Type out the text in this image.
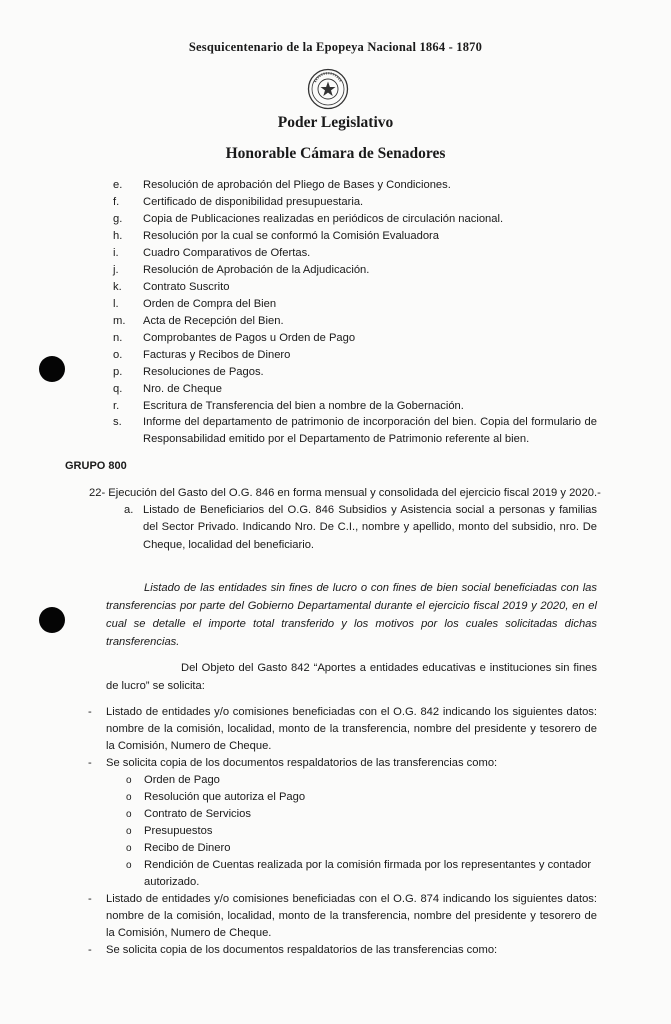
Sesquicentenario de la Epopeya Nacional 1864 - 1870
Poder Legislativo
Honorable Cámara de Senadores
e.	Resolución de aprobación del Pliego de Bases y Condiciones.
f.	Certificado de disponibilidad presupuestaria.
g.	Copia de Publicaciones realizadas en periódicos de circulación nacional.
h.	Resolución por la cual se conformó la Comisión Evaluadora
i.	Cuadro Comparativos de Ofertas.
j.	Resolución de Aprobación de la Adjudicación.
k.	Contrato Suscrito
l.	Orden de Compra del Bien
m.	Acta de Recepción del Bien.
n.	Comprobantes de Pagos u Orden de Pago
o.	Facturas y Recibos de Dinero
p.	Resoluciones de Pagos.
q.	Nro. de Cheque
r.	Escritura de Transferencia del bien a nombre de la Gobernación.
s.	Informe del departamento de patrimonio de incorporación del bien. Copia del formulario de Responsabilidad emitido por el Departamento de Patrimonio referente al bien.
GRUPO 800
22- Ejecución del Gasto del O.G. 846 en forma mensual y consolidada del ejercicio fiscal 2019 y 2020.-
a. Listado de Beneficiarios del O.G. 846 Subsidios y Asistencia social a personas y familias del Sector Privado. Indicando Nro. De C.I., nombre y apellido, monto del subsidio, nro. De Cheque, localidad del beneficiario.
Listado de las entidades sin fines de lucro o con fines de bien social beneficiadas con las transferencias por parte del Gobierno Departamental durante el ejercicio fiscal 2019 y 2020, en el cual se detalle el importe total transferido y los motivos por los cuales solicitadas dichas transferencias.
Del Objeto del Gasto 842 “Aportes a entidades educativas e instituciones sin fines de lucro” se solicita:
- Listado de entidades y/o comisiones beneficiadas con el O.G. 842 indicando los siguientes datos: nombre de la comisión, localidad, monto de la transferencia, nombre del presidente y tesorero de la Comisión, Numero de Cheque.
- Se solicita copia de los documentos respaldatorios de las transferencias como:
o Orden de Pago
o Resolución que autoriza el Pago
o Contrato de Servicios
o Presupuestos
o Recibo de Dinero
o Rendición de Cuentas realizada por la comisión firmada por los representantes y contador autorizado.
- Listado de entidades y/o comisiones beneficiadas con el O.G. 874 indicando los siguientes datos: nombre de la comisión, localidad, monto de la transferencia, nombre del presidente y tesorero de la Comisión, Numero de Cheque.
- Se solicita copia de los documentos respaldatorios de las transferencias como:
